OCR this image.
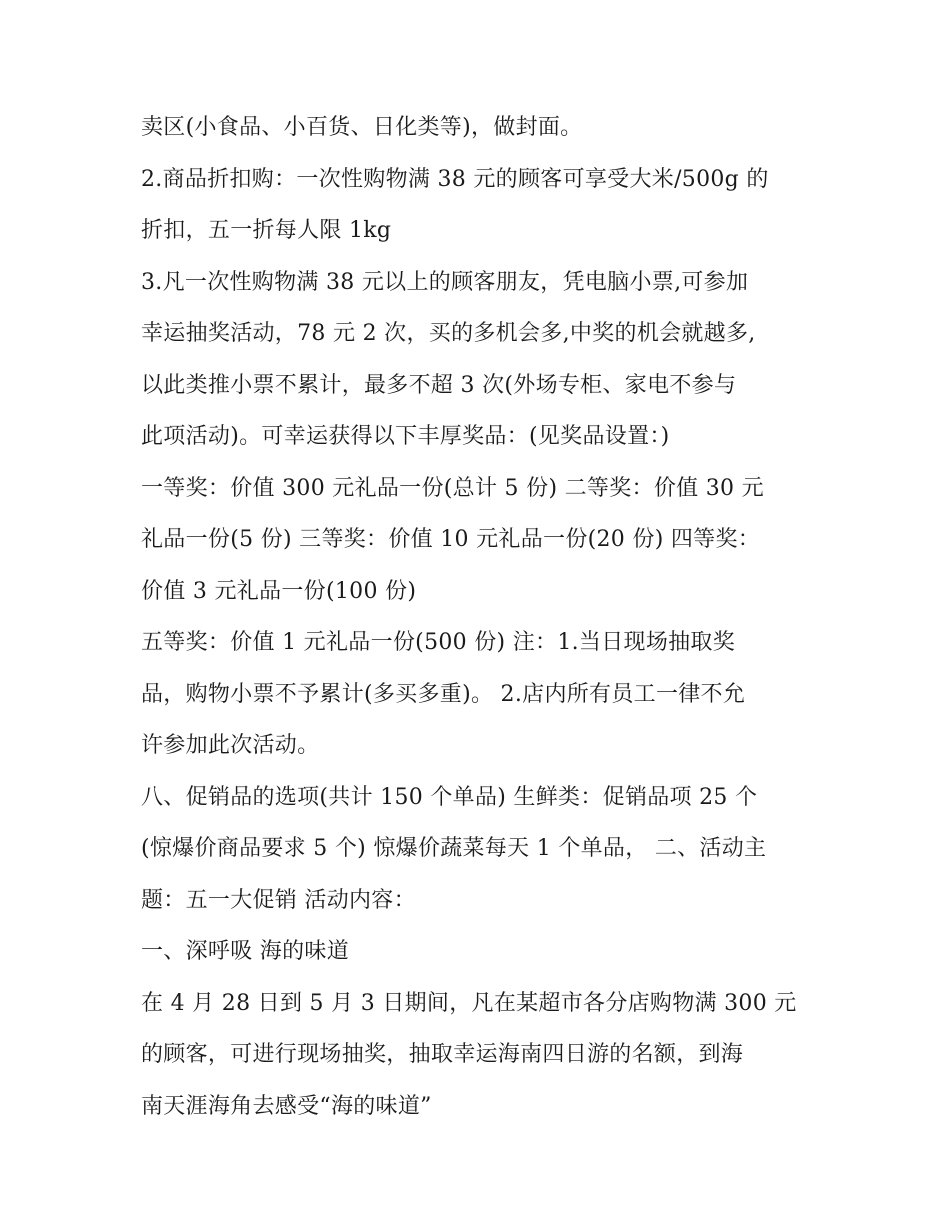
卖区(小食品、小百货、日化类等)，做封面。
2.商品折扣购：一次性购物满 38 元的顾客可享受大米/500g 的
折扣，五一折每人限 1kg
3.凡一次性购物满 38 元以上的顾客朋友，凭电脑小票,可参加
幸运抽奖活动，78 元 2 次，买的多机会多,中奖的机会就越多,
以此类推小票不累计，最多不超 3 次(外场专柜、家电不参与
此项活动)。可幸运获得以下丰厚奖品：(见奖品设置：)
一等奖：价值 300 元礼品一份(总计 5 份) 二等奖：价值 30 元
礼品一份(5 份) 三等奖：价值 10 元礼品一份(20 份) 四等奖：
价值 3 元礼品一份(100 份)
五等奖：价值 1 元礼品一份(500 份) 注：1.当日现场抽取奖
品，购物小票不予累计(多买多重)。 2.店内所有员工一律不允
许参加此次活动。
八、促销品的选项(共计 150 个单品) 生鲜类：促销品项 25 个
(惊爆价商品要求 5 个) 惊爆价蔬菜每天 1 个单品， 二、活动主
题：五一大促销 活动内容：
一、深呼吸 海的味道
在 4 月 28 日到 5 月 3 日期间，凡在某超市各分店购物满 300 元
的顾客，可进行现场抽奖，抽取幸运海南四日游的名额，到海
南天涯海角去感受“海的味道”
